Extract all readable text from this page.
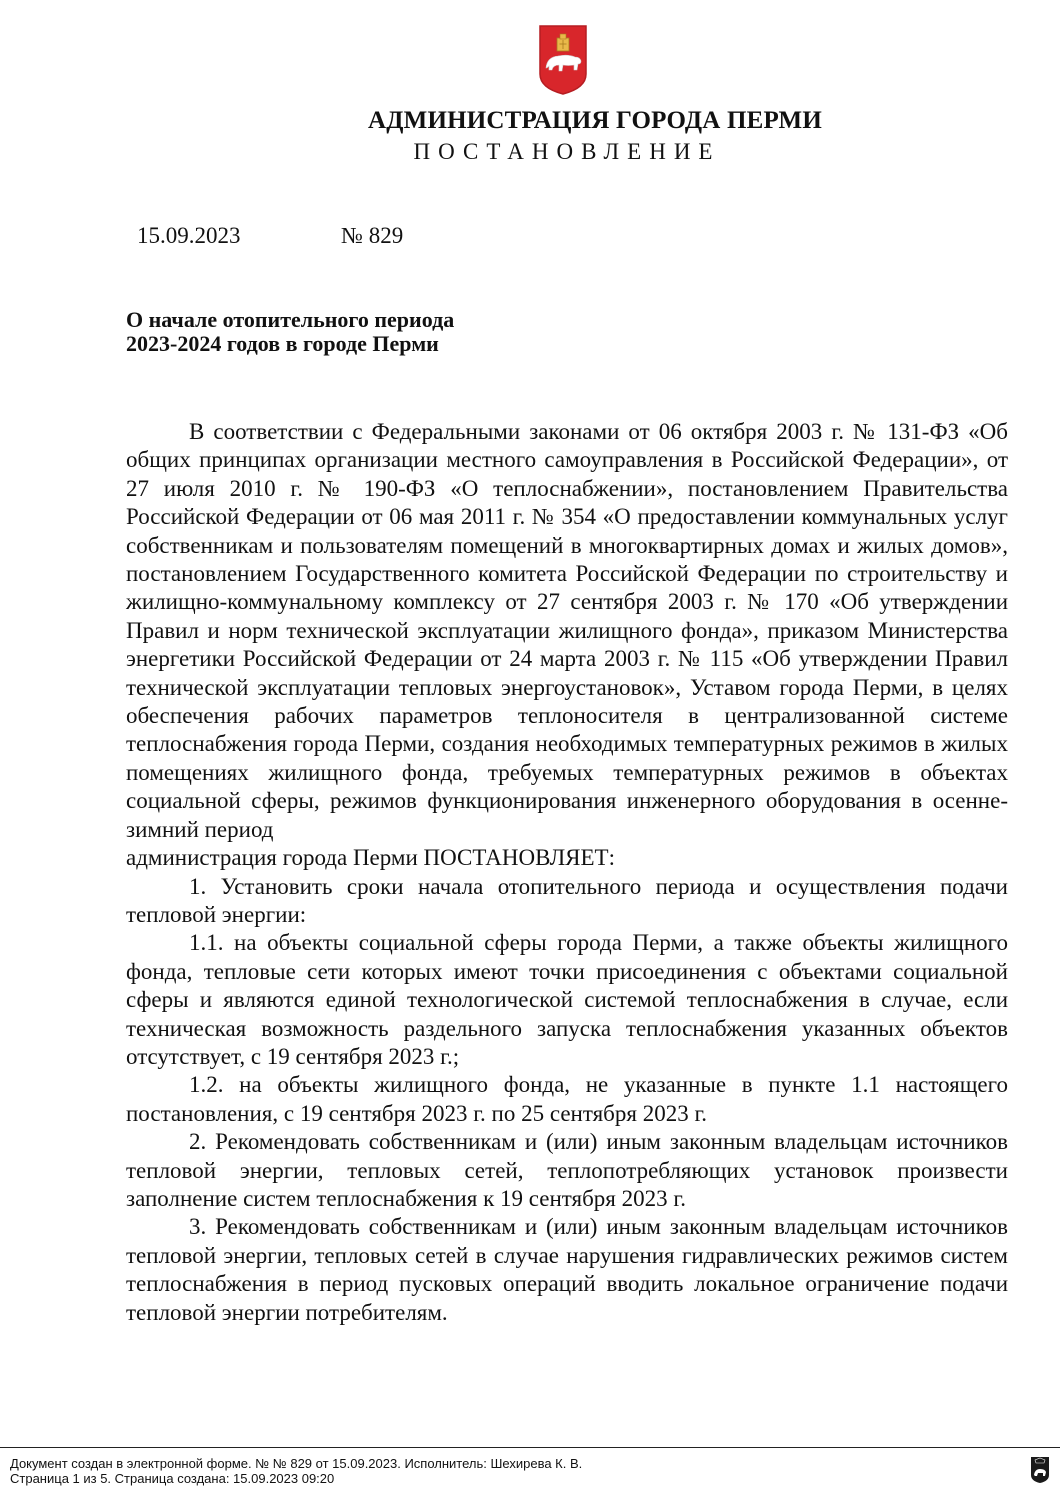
АДМИНИСТРАЦИЯ ГОРОДА ПЕРМИ
ПОСТАНОВЛЕНИЕ
15.09.2023	№ 829
О начале отопительного периода
2023-2024 годов в городе Перми

В соответствии с Федеральными законами от 06 октября 2003 г. № 131-ФЗ «Об общих принципах организации местного самоуправления в Российской Федерации», от 27 июля 2010 г. № 190-ФЗ «О теплоснабжении», постановлением Правительства Российской Федерации от 06 мая 2011 г. № 354 «О предоставлении коммунальных услуг собственникам и пользователям помещений в многоквартирных домах и жилых домов», постановлением Государственного комитета Российской Федерации по строительству и жилищно-коммунальному комплексу от 27 сентября 2003 г. № 170 «Об утверждении Правил и норм технической эксплуатации жилищного фонда», приказом Министерства энергетики Российской Федерации от 24 марта 2003 г. № 115 «Об утверждении Правил технической эксплуатации тепловых энергоустановок», Уставом города Перми, в целях обеспечения рабочих параметров теплоносителя в централизованной системе теплоснабжения города Перми, создания необходимых температурных режимов в жилых помещениях жилищного фонда, требуемых температурных режимов в объектах социальной сферы, режимов функционирования инженерного оборудования в осенне-зимний период

администрация города Перми ПОСТАНОВЛЯЕТ:

1. Установить сроки начала отопительного периода и осуществления подачи тепловой энергии:

1.1. на объекты социальной сферы города Перми, а также объекты жилищного фонда, тепловые сети которых имеют точки присоединения с объектами социальной сферы и являются единой технологической системой теплоснабжения в случае, если техническая возможность раздельного запуска теплоснабжения указанных объектов отсутствует, с 19 сентября 2023 г.;

1.2. на объекты жилищного фонда, не указанные в пункте 1.1 настоящего постановления, с 19 сентября 2023 г. по 25 сентября 2023 г.

2. Рекомендовать собственникам и (или) иным законным владельцам источников тепловой энергии, тепловых сетей, теплопотребляющих установок произвести заполнение систем теплоснабжения к 19 сентября 2023 г.

3. Рекомендовать собственникам и (или) иным законным владельцам источников тепловой энергии, тепловых сетей в случае нарушения гидравлических режимов систем теплоснабжения в период пусковых операций вводить локальное ограничение подачи тепловой энергии потребителям.

Документ создан в электронной форме. № № 829 от 15.09.2023. Исполнитель: Шехирева К. В.
Страница 1 из 5. Страница создана: 15.09.2023 09:20
